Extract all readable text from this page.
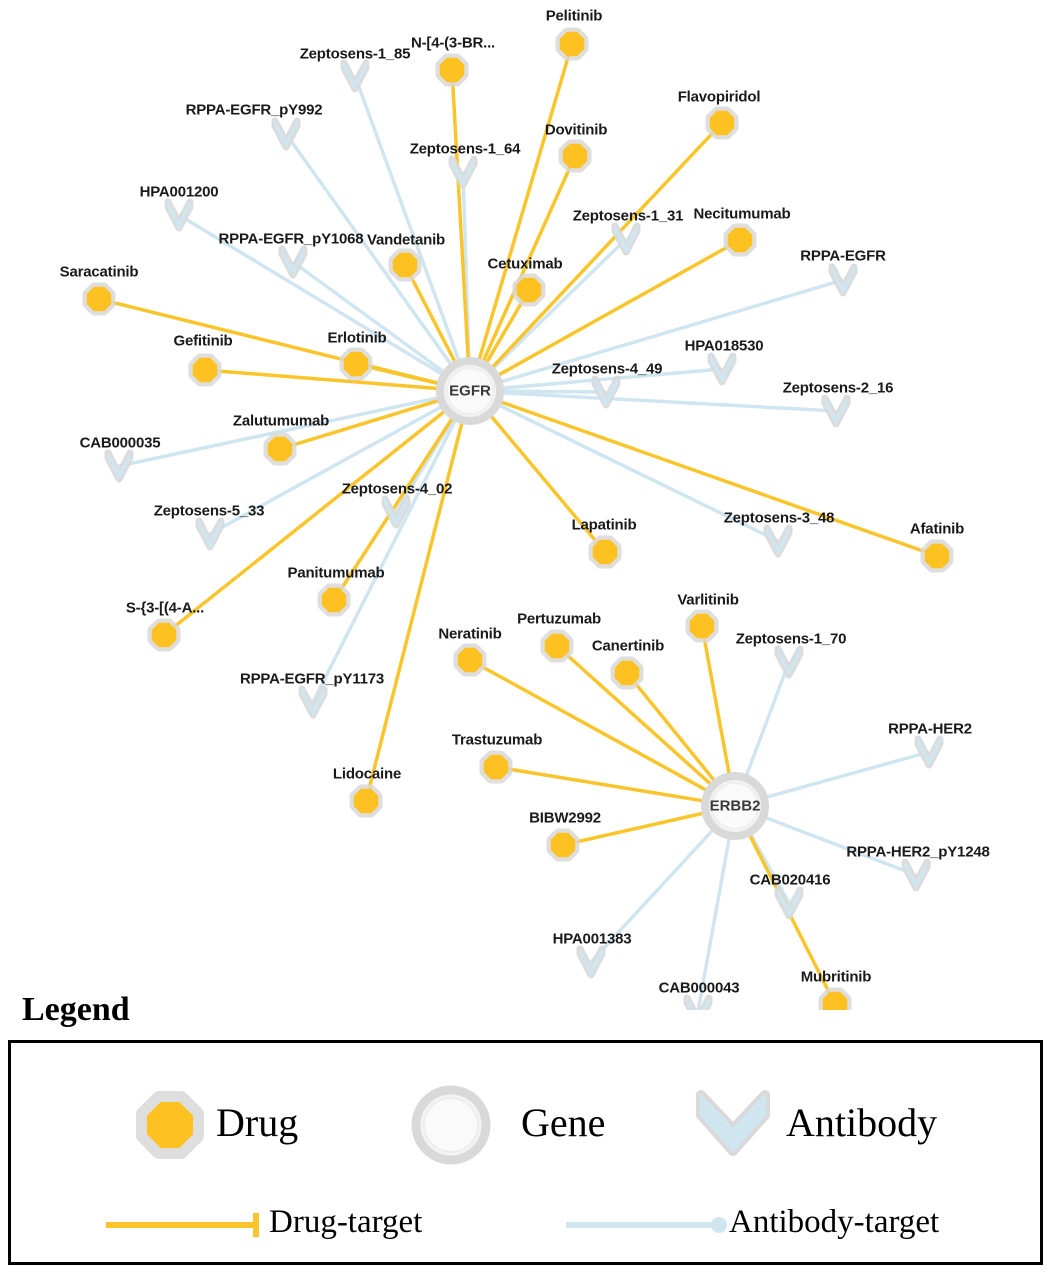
Zeptosens-1_85
RPPA-EGFR_pY992
Zeptosens-1_64
HPA001200
Zeptosens-1_31
RPPA-EGFR_pY1068
RPPA-EGFR
HPA018530
Zeptosens-4_49
Zeptosens-2_16
CAB000035
Zeptosens-4_02
Zeptosens-5_33	Zeptosens-3_48
Zeptosens-1_70
RPPA-EGFR_pY1173
RPPA-HER2
RPPA-HER2_pY1248
CAB020416
HPA001383
CAB000043
Pelitinib
N-[4-(3-BR...
Flavopiridol
Dovitinib
Necitumumab
Vandetanib
Cetuximab
Saracatinib
Erlotinib
Gefitinib
Zalutumumab
Lapatinib	Afatinib
Varlitinib
Panitumumab
S-{3-[(4-A...
Pertuzumab
Neratinib
Canertinib
Trastuzumab
Lidocaine
BIBW2992
Mubritinib
EGFR
ERBB2
Legend
Drug	Gene	Antibody
Drug-target	Antibody-target
